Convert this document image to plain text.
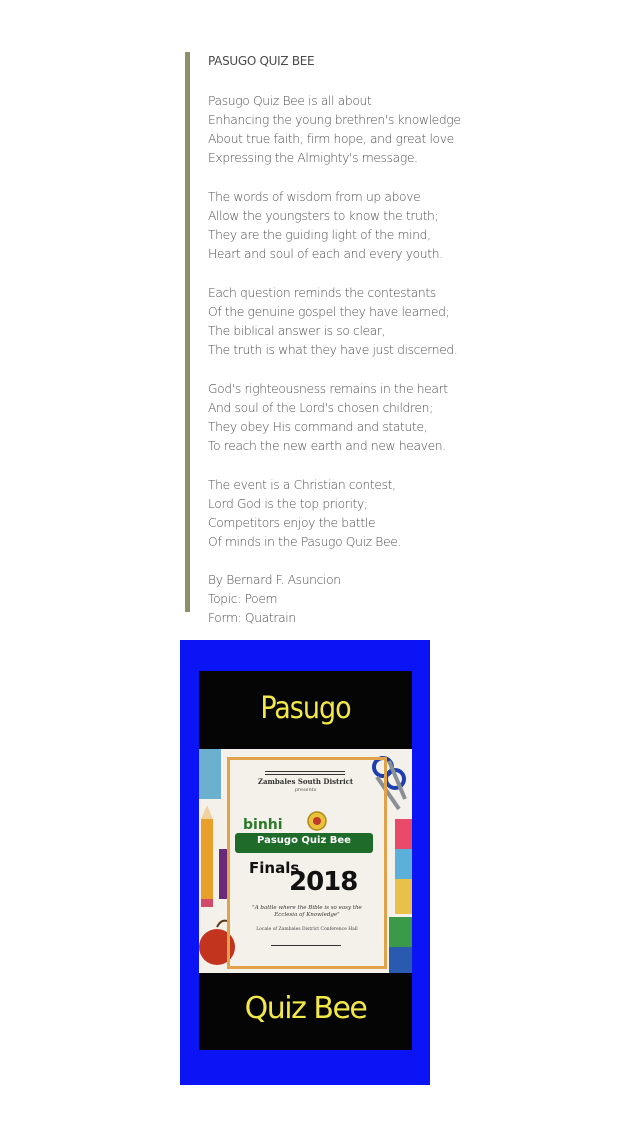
PASUGO QUIZ BEE
Pasugo Quiz Bee is all about
Enhancing the young brethren's knowledge
About true faith, firm hope, and great love
Expressing the Almighty's message.
The words of wisdom from up above
Allow the youngsters to know the truth;
They are the guiding light of the mind,
Heart and soul of each and every youth.
Each question reminds the contestants
Of the genuine gospel they have learned;
The biblical answer is so clear,
The truth is what they have just discerned.
God's righteousness remains in the heart
And soul of the Lord's chosen children;
They obey His command and statute,
To reach the new earth and new heaven.
The event is a Christian contest,
Lord God is the top priority;
Competitors enjoy the battle
Of minds in the Pasugo Quiz Bee.
By Bernard F. Asuncion
Topic: Poem
Form: Quatrain
Pasugo
Zambales South District
presents
binhi
Pasugo Quiz Bee
Finals
2018
"A battle where the Bible is so easy the Ecclesia of Knowledge"
Locale of Zambales District Conference Hall
Quiz Bee
